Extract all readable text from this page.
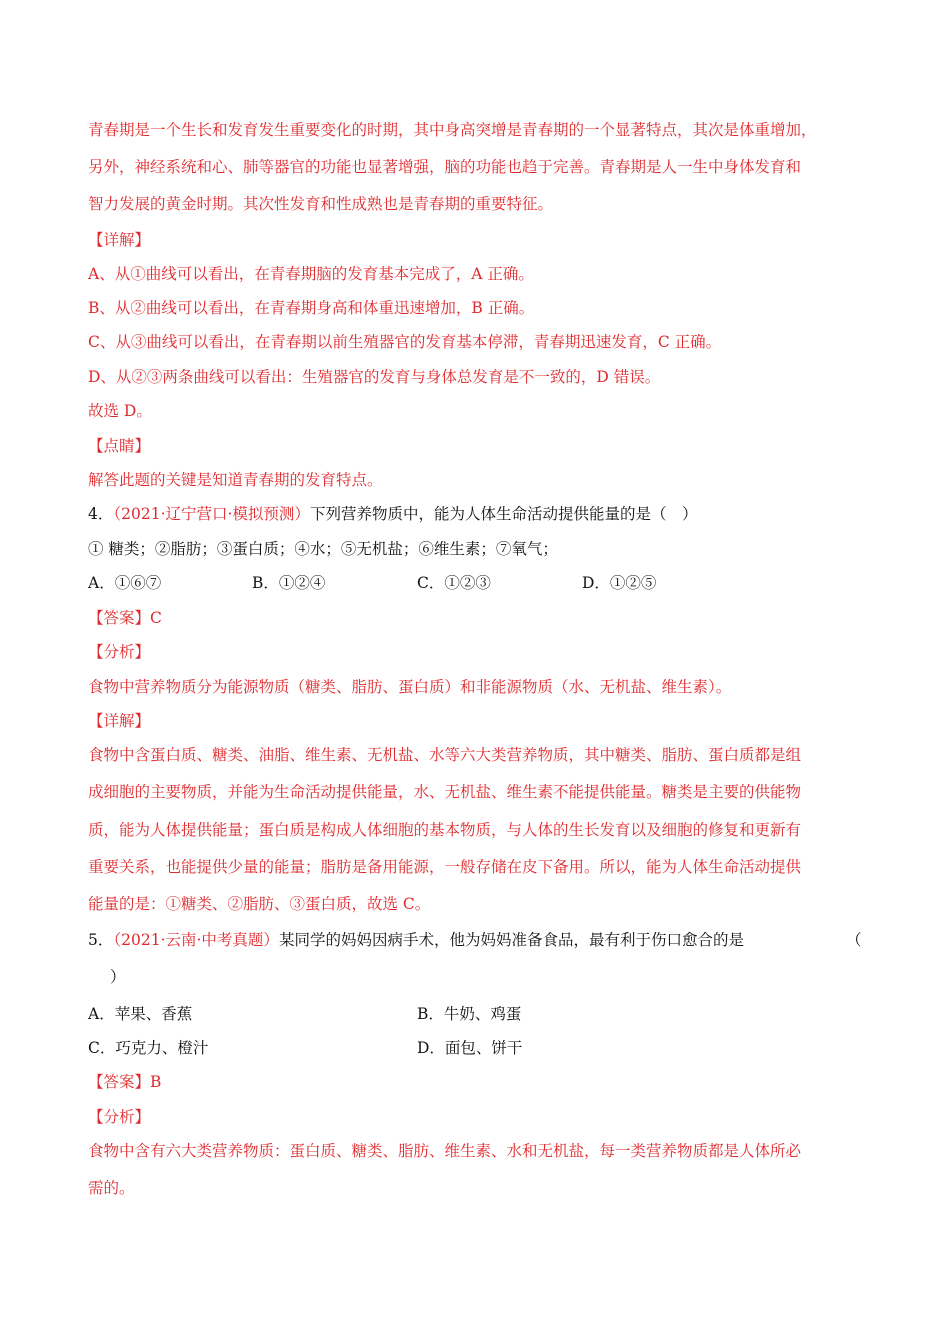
青春期是一个生长和发育发生重要变化的时期，其中身高突增是青春期的一个显著特点，其次是体重增加，
另外，神经系统和心、肺等器官的功能也显著增强，脑的功能也趋于完善。青春期是人一生中身体发育和
智力发展的黄金时期。其次性发育和性成熟也是青春期的重要特征。
【详解】
A、从①曲线可以看出，在青春期脑的发育基本完成了，A 正确。
B、从②曲线可以看出，在青春期身高和体重迅速增加，B 正确。
C、从③曲线可以看出，在青春期以前生殖器官的发育基本停滞，青春期迅速发育，C 正确。
D、从②③两条曲线可以看出：生殖器官的发育与身体总发育是不一致的，D 错误。
故选 D。
【点睛】
解答此题的关键是知道青春期的发育特点。
4．（2021·辽宁营口·模拟预测）下列营养物质中，能为人体生命活动提供能量的是（　）
① 糖类；②脂肪；③蛋白质；④水；⑤无机盐；⑥维生素；⑦氧气；
A．①⑥⑦	B．①②④	C．①②③	D．①②⑤
【答案】C
【分析】
食物中营养物质分为能源物质（糖类、脂肪、蛋白质）和非能源物质（水、无机盐、维生素）。
【详解】
食物中含蛋白质、糖类、油脂、维生素、无机盐、水等六大类营养物质，其中糖类、脂肪、蛋白质都是组
成细胞的主要物质，并能为生命活动提供能量，水、无机盐、维生素不能提供能量。糖类是主要的供能物
质，能为人体提供能量；蛋白质是构成人体细胞的基本物质，与人体的生长发育以及细胞的修复和更新有
重要关系，也能提供少量的能量；脂肪是备用能源，一般存储在皮下备用。所以，能为人体生命活动提供
能量的是：①糖类、②脂肪、③蛋白质，故选 C。
5．（2021·云南·中考真题）某同学的妈妈因病手术，他为妈妈准备食品，最有利于伤口愈合的是	（
）
A．苹果、香蕉	B．牛奶、鸡蛋
C．巧克力、橙汁	D．面包、饼干
【答案】B
【分析】
食物中含有六大类营养物质：蛋白质、糖类、脂肪、维生素、水和无机盐，每一类营养物质都是人体所必
需的。
